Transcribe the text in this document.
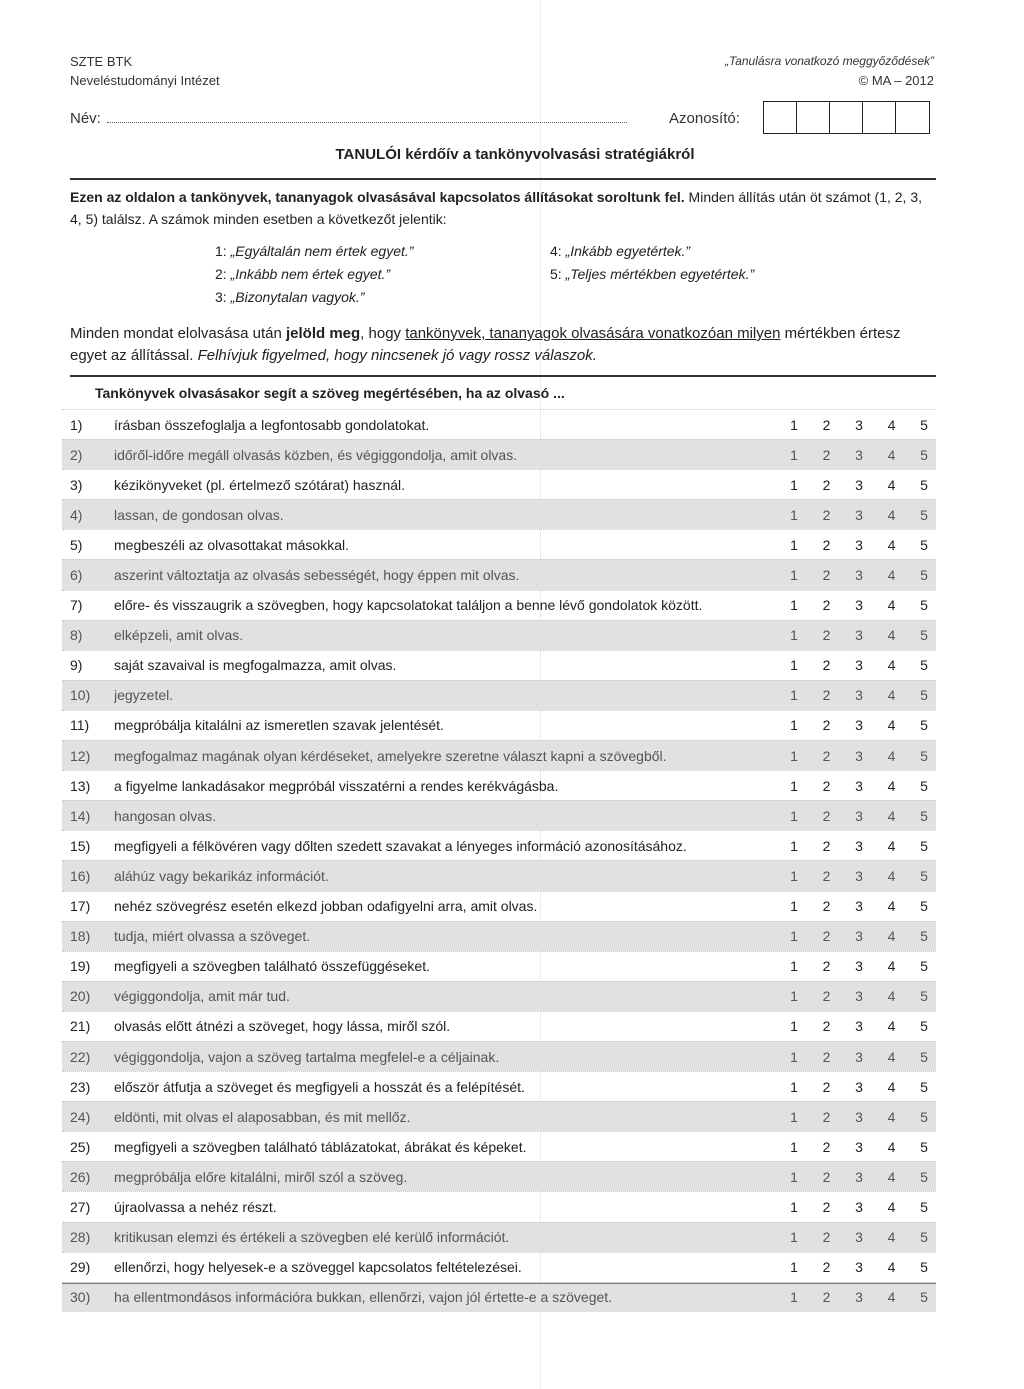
SZTE BTK
Neveléstudományi Intézet
„Tanulásra vonatkozó meggyőződések”
© MA – 2012
Név:	Azonosító:
TANULÓI kérdőív a tankönyvolvasási stratégiákról
Ezen az oldalon a tankönyvek, tananyagok olvasásával kapcsolatos állításokat soroltunk fel. Minden állítás után öt számot (1, 2, 3, 4, 5) találsz. A számok minden esetben a következőt jelentik:
1: „Egyáltalán nem értek egyet.”
2: „Inkább nem értek egyet.”
3: „Bizonytalan vagyok.”
4: „Inkább egyetértek.”
5: „Teljes mértékben egyetértek.”
Minden mondat elolvasása után jelöld meg, hogy tankönyvek, tananyagok olvasására vonatkozóan milyen mértékben értesz egyet az állítással. Felhívjuk figyelmed, hogy nincsenek jó vagy rossz válaszok.
Tankönyvek olvasásakor segít a szöveg megértésében, ha az olvasó ...
1)	írásban összefoglalja a legfontosabb gondolatokat.	1 2 3 4 5
2)	időről-időre megáll olvasás közben, és végiggondolja, amit olvas.	1 2 3 4 5
3)	kézikönyveket (pl. értelmező szótárat) használ.	1 2 3 4 5
4)	lassan, de gondosan olvas.	1 2 3 4 5
5)	megbeszéli az olvasottakat másokkal.	1 2 3 4 5
6)	aszerint változtatja az olvasás sebességét, hogy éppen mit olvas.	1 2 3 4 5
7)	előre- és visszaugrik a szövegben, hogy kapcsolatokat találjon a benne lévő gondolatok között.	1 2 3 4 5
8)	elképzeli, amit olvas.	1 2 3 4 5
9)	saját szavaival is megfogalmazza, amit olvas.	1 2 3 4 5
10)	jegyzetel.	1 2 3 4 5
11)	megpróbálja kitalálni az ismeretlen szavak jelentését.	1 2 3 4 5
12)	megfogalmaz magának olyan kérdéseket, amelyekre szeretne választ kapni a szövegből.	1 2 3 4 5
13)	a figyelme lankadásakor megpróbál visszatérni a rendes kerékvágásba.	1 2 3 4 5
14)	hangosan olvas.	1 2 3 4 5
15)	megfigyeli a félkövéren vagy dőlten szedett szavakat a lényeges információ azonosításához.	1 2 3 4 5
16)	aláhúz vagy bekarikáz információt.	1 2 3 4 5
17)	nehéz szövegrész esetén elkezd jobban odafigyelni arra, amit olvas.	1 2 3 4 5
18)	tudja, miért olvassa a szöveget.	1 2 3 4 5
19)	megfigyeli a szövegben található összefüggéseket.	1 2 3 4 5
20)	végiggondolja, amit már tud.	1 2 3 4 5
21)	olvasás előtt átnézi a szöveget, hogy lássa, miről szól.	1 2 3 4 5
22)	végiggondolja, vajon a szöveg tartalma megfelel-e a céljainak.	1 2 3 4 5
23)	először átfutja a szöveget és megfigyeli a hosszát és a felépítését.	1 2 3 4 5
24)	eldönti, mit olvas el alaposabban, és mit mellőz.	1 2 3 4 5
25)	megfigyeli a szövegben található táblázatokat, ábrákat és képeket.	1 2 3 4 5
26)	megpróbálja előre kitalálni, miről szól a szöveg.	1 2 3 4 5
27)	újraolvassa a nehéz részt.	1 2 3 4 5
28)	kritikusan elemzi és értékeli a szövegben elé kerülő információt.	1 2 3 4 5
29)	ellenőrzi, hogy helyesek-e a szöveggel kapcsolatos feltételezései.	1 2 3 4 5
30)	ha ellentmondásos információra bukkan, ellenőrzi, vajon jól értette-e a szöveget.	1 2 3 4 5
